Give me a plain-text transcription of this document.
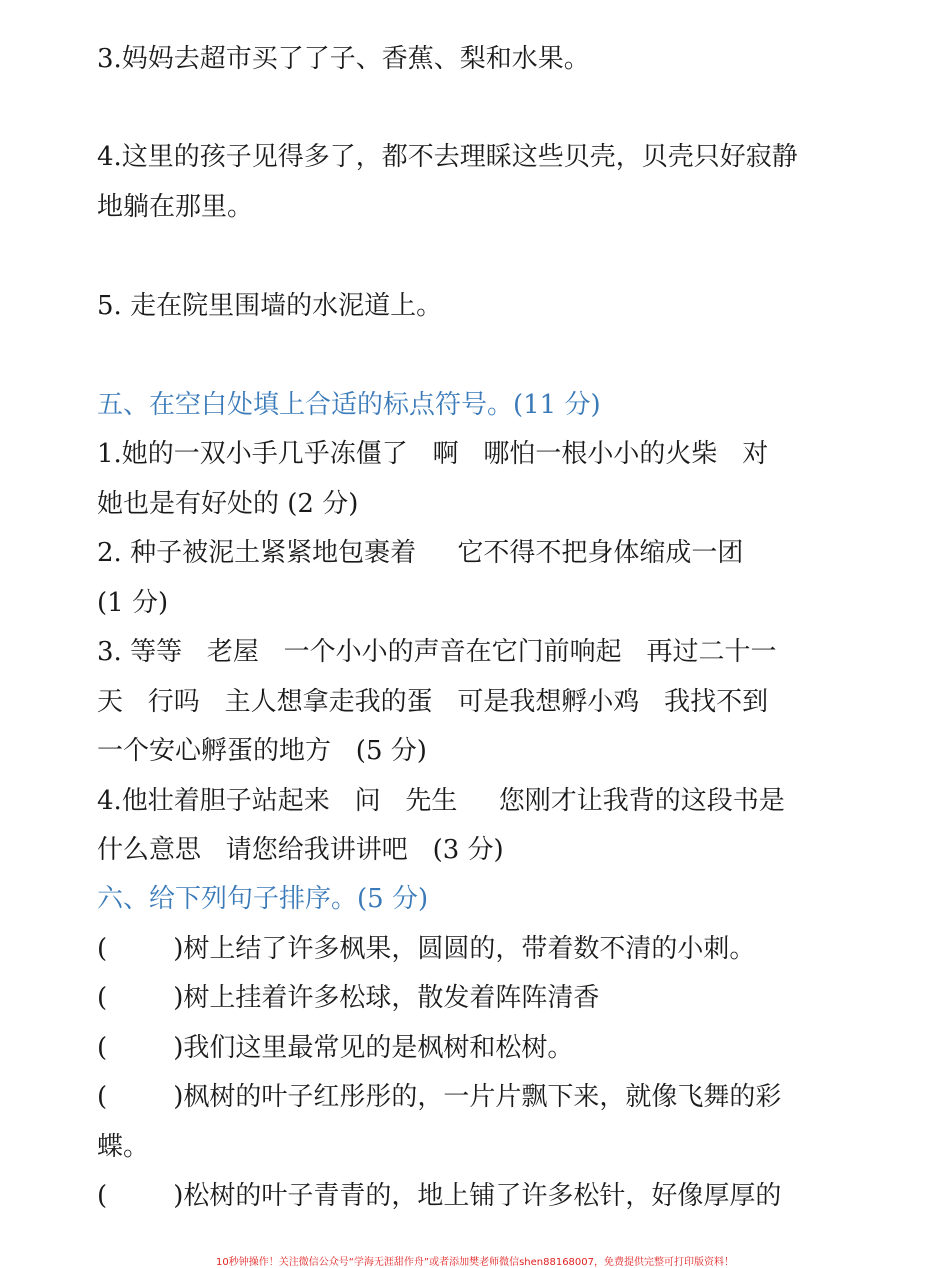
3.妈妈去超市买了了子、香蕉、梨和水果。
4.这里的孩子见得多了，都不去理睬这些贝壳，贝壳只好寂静
地躺在那里。
5. 走在院里围墙的水泥道上。
五、在空白处填上合适的标点符号。(11 分)
1.她的一双小手几乎冻僵了   啊   哪怕一根小小的火柴   对
她也是有好处的 (2 分)
2. 种子被泥土紧紧地包裹着     它不得不把身体缩成一团
(1 分)
3. 等等   老屋   一个小小的声音在它门前响起   再过二十一
天   行吗   主人想拿走我的蛋   可是我想孵小鸡   我找不到
一个安心孵蛋的地方   (5 分)
4.他壮着胆子站起来   问   先生     您刚才让我背的这段书是
什么意思   请您给我讲讲吧   (3 分)
六、给下列句子排序。(5 分)
(        )树上结了许多枫果，圆圆的，带着数不清的小刺。
(        )树上挂着许多松球，散发着阵阵清香
(        )我们这里最常见的是枫树和松树。
(        )枫树的叶子红彤彤的，一片片飘下来，就像飞舞的彩
蝶。
(        )松树的叶子青青的，地上铺了许多松针，好像厚厚的
10秒钟操作！关注微信公众号“学海无涯甜作舟”或者添加樊老师微信shen88168007，免费提供完整可打印版资料！
